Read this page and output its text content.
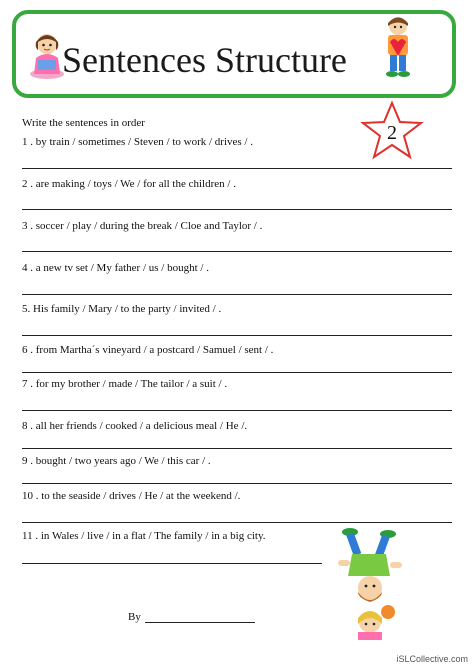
Sentences Structure
Write the sentences in order	2
1 . by train / sometimes / Steven / to work / drives / .
2 . are making / toys / We / for all the children / .
3 . soccer / play / during the break / Cloe and Taylor / .
4 . a new tv set / My father / us / bought / .
5. His family / Mary / to the party / invited / .
6 . from Martha´s vineyard / a postcard / Samuel / sent / .
7 . for my brother / made / The tailor / a suit / .
8 . all her friends / cooked / a delicious meal / He /.
9 . bought / two years ago / We / this car / .
10 . to the seaside / drives / He / at the weekend /.
11 . in Wales / live / in a flat / The family / in a big city.
By
iSLCollective.com
